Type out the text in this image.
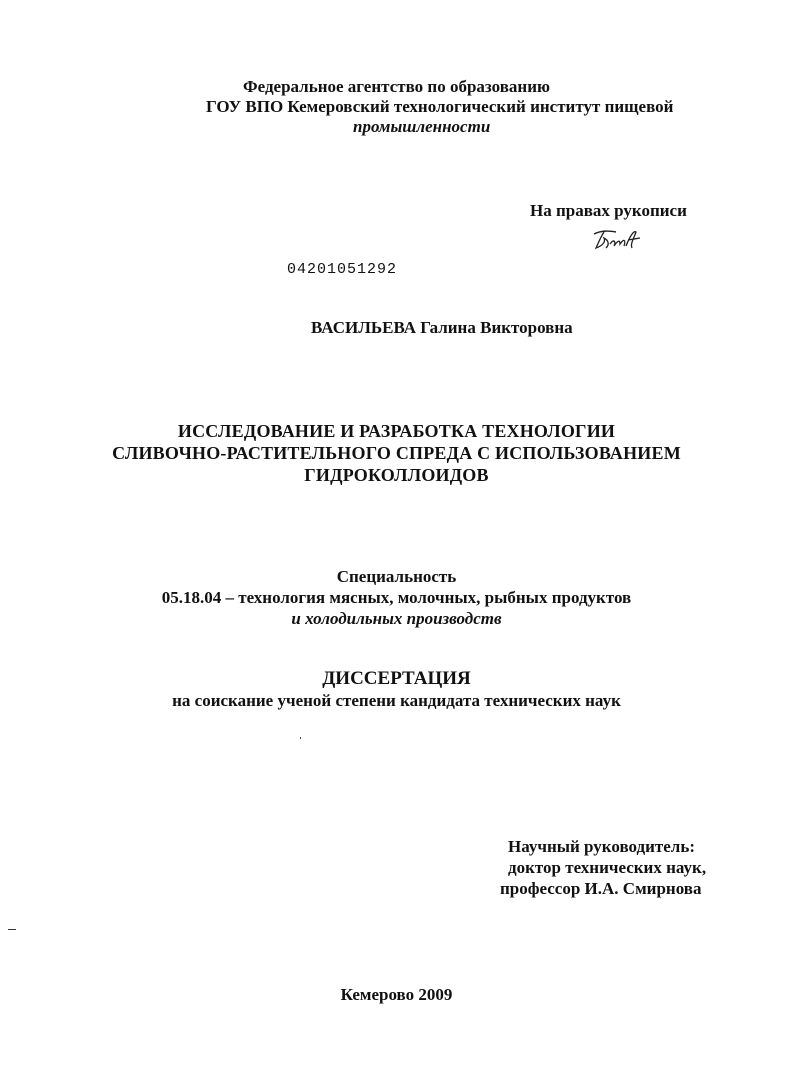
Федеральное агентство по образованию
ГОУ ВПО Кемеровский технологический институт пищевой
промышленности
На правах рукописи
04201051292
ВАСИЛЬЕВА Галина Викторовна
ИССЛЕДОВАНИЕ И РАЗРАБОТКА ТЕХНОЛОГИИ
СЛИВОЧНО-РАСТИТЕЛЬНОГО СПРЕДА С ИСПОЛЬЗОВАНИЕМ
ГИДРОКОЛЛОИДОВ
Специальность
05.18.04 – технология мясных, молочных, рыбных продуктов
и холодильных производств
ДИССЕРТАЦИЯ
на соискание ученой степени кандидата технических наук
Научный руководитель:
доктор технических наук,
профессор И.А. Смирнова
Кемерово 2009
